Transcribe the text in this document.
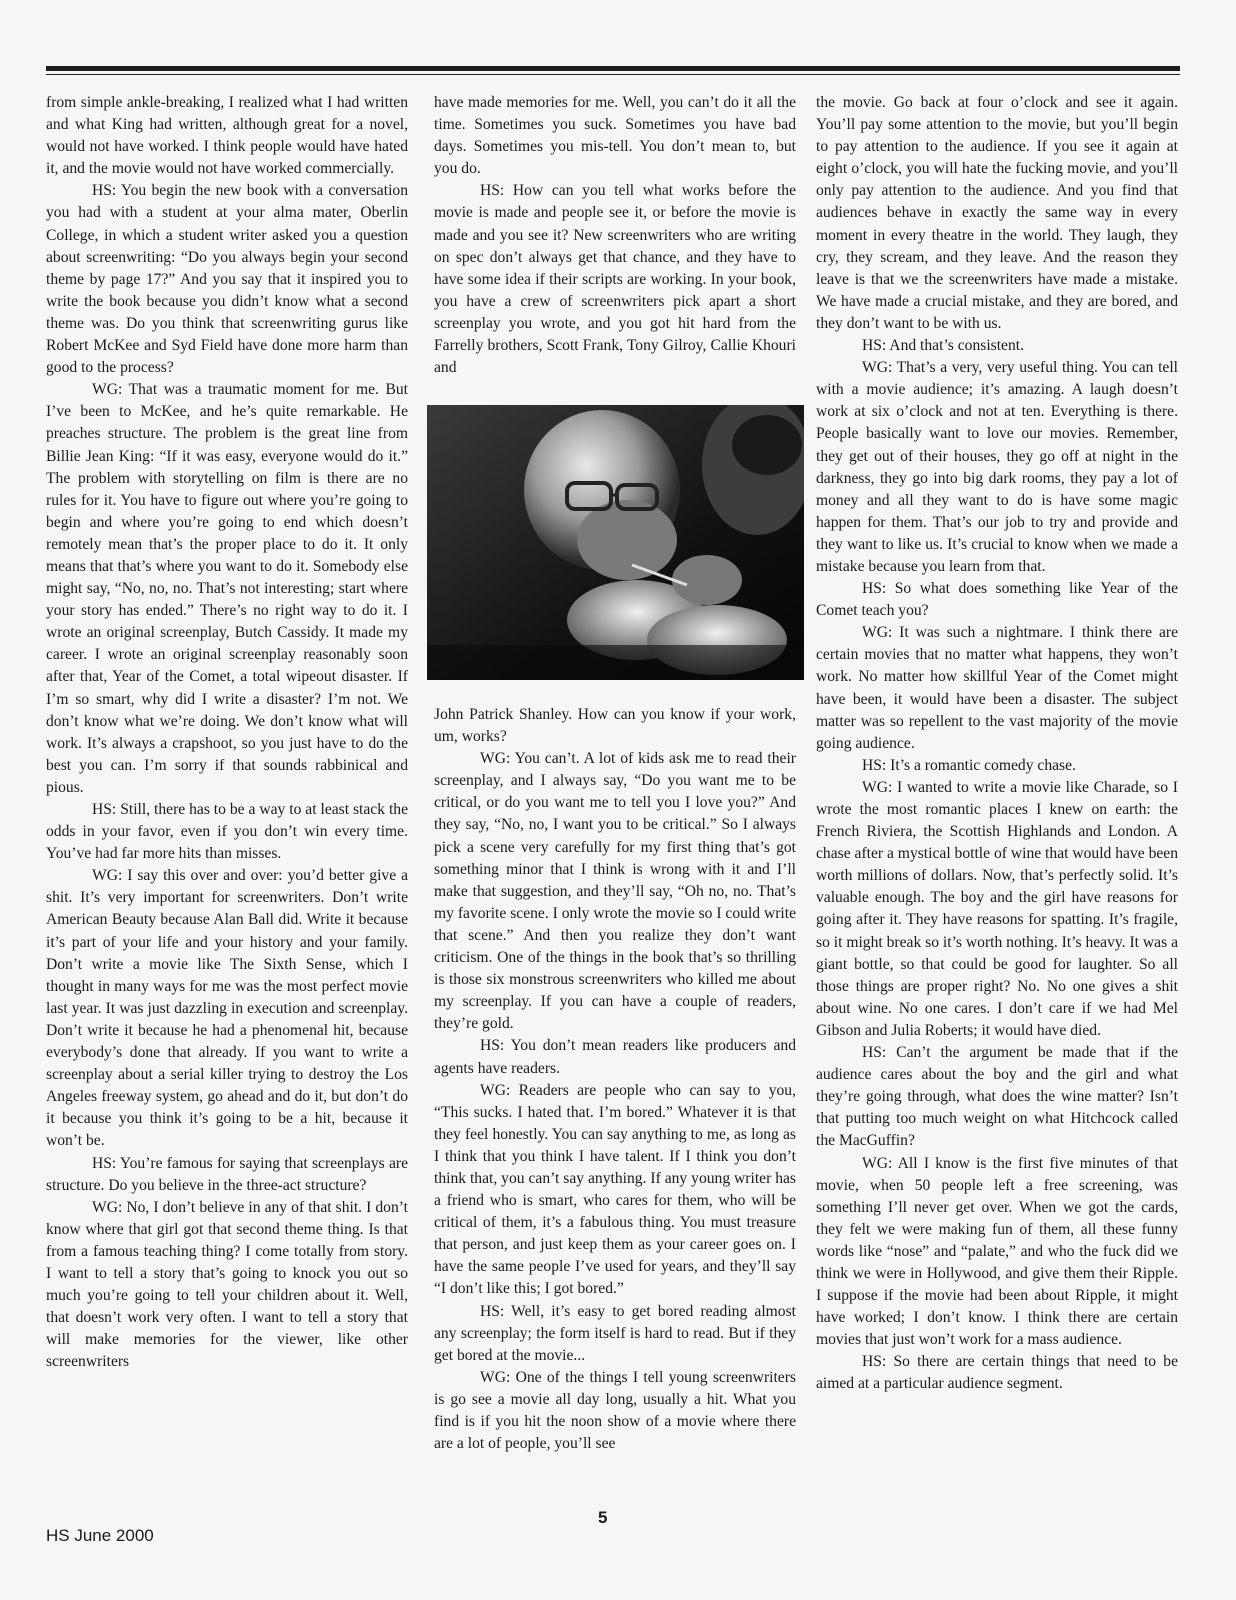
from simple ankle-breaking, I realized what I had written and what King had written, although great for a novel, would not have worked. I think people would have hated it, and the movie would not have worked commercially.

HS: You begin the new book with a conversation you had with a student at your alma mater, Oberlin College, in which a student writer asked you a question about screenwriting: “Do you always begin your second theme by page 17?” And you say that it inspired you to write the book because you didn’t know what a second theme was. Do you think that screenwriting gurus like Robert McKee and Syd Field have done more harm than good to the process?

WG: That was a traumatic moment for me. But I’ve been to McKee, and he’s quite remarkable. He preaches structure. The problem is the great line from Billie Jean King: “If it was easy, everyone would do it.” The problem with storytelling on film is there are no rules for it. You have to figure out where you’re going to begin and where you’re going to end which doesn’t remotely mean that’s the proper place to do it. It only means that that’s where you want to do it. Somebody else might say, “No, no, no. That’s not interesting; start where your story has ended.” There’s no right way to do it. I wrote an original screenplay, Butch Cassidy. It made my career. I wrote an original screenplay reasonably soon after that, Year of the Comet, a total wipeout disaster. If I’m so smart, why did I write a disaster? I’m not. We don’t know what we’re doing. We don’t know what will work. It’s always a crapshoot, so you just have to do the best you can. I’m sorry if that sounds rabbinical and pious.

HS: Still, there has to be a way to at least stack the odds in your favor, even if you don’t win every time. You’ve had far more hits than misses.

WG: I say this over and over: you’d better give a shit. It’s very important for screenwriters. Don’t write American Beauty because Alan Ball did. Write it because it’s part of your life and your history and your family. Don’t write a movie like The Sixth Sense, which I thought in many ways for me was the most perfect movie last year. It was just dazzling in execution and screenplay. Don’t write it because he had a phenomenal hit, because everybody’s done that already. If you want to write a screenplay about a serial killer trying to destroy the Los Angeles freeway system, go ahead and do it, but don’t do it because you think it’s going to be a hit, because it won’t be.

HS: You’re famous for saying that screenplays are structure. Do you believe in the three-act structure?

WG: No, I don’t believe in any of that shit. I don’t know where that girl got that second theme thing. Is that from a famous teaching thing? I come totally from story. I want to tell a story that’s going to knock you out so much you’re going to tell your children about it. Well, that doesn’t work very often. I want to tell a story that will make memories for the viewer, like other screenwriters

have made memories for me. Well, you can’t do it all the time. Sometimes you suck. Sometimes you have bad days. Sometimes you mis-tell. You don’t mean to, but you do.

HS: How can you tell what works before the movie is made and people see it, or before the movie is made and you see it? New screenwriters who are writing on spec don’t always get that chance, and they have to have some idea if their scripts are working. In your book, you have a crew of screenwriters pick apart a short screenplay you wrote, and you got hit hard from the Farrelly brothers, Scott Frank, Tony Gilroy, Callie Khouri and

John Patrick Shanley. How can you know if your work, um, works?

WG: You can’t. A lot of kids ask me to read their screenplay, and I always say, “Do you want me to be critical, or do you want me to tell you I love you?” And they say, “No, no, I want you to be critical.” So I always pick a scene very carefully for my first thing that’s got something minor that I think is wrong with it and I’ll make that suggestion, and they’ll say, “Oh no, no. That’s my favorite scene. I only wrote the movie so I could write that scene.” And then you realize they don’t want criticism. One of the things in the book that’s so thrilling is those six monstrous screenwriters who killed me about my screenplay. If you can have a couple of readers, they’re gold.

HS: You don’t mean readers like producers and agents have readers.

WG: Readers are people who can say to you, “This sucks. I hated that. I’m bored.” Whatever it is that they feel honestly. You can say anything to me, as long as I think that you think I have talent. If I think you don’t think that, you can’t say anything. If any young writer has a friend who is smart, who cares for them, who will be critical of them, it’s a fabulous thing. You must treasure that person, and just keep them as your career goes on. I have the same people I’ve used for years, and they’ll say “I don’t like this; I got bored.”

HS: Well, it’s easy to get bored reading almost any screenplay; the form itself is hard to read. But if they get bored at the movie...

WG: One of the things I tell young screenwriters is go see a movie all day long, usually a hit. What you find is if you hit the noon show of a movie where there are a lot of people, you’ll see

the movie. Go back at four o’clock and see it again. You’ll pay some attention to the movie, but you’ll begin to pay attention to the audience. If you see it again at eight o’clock, you will hate the fucking movie, and you’ll only pay attention to the audience. And you find that audiences behave in exactly the same way in every moment in every theatre in the world. They laugh, they cry, they scream, and they leave. And the reason they leave is that we the screenwriters have made a mistake. We have made a crucial mistake, and they are bored, and they don’t want to be with us.

HS: And that’s consistent.

WG: That’s a very, very useful thing. You can tell with a movie audience; it’s amazing. A laugh doesn’t work at six o’clock and not at ten. Everything is there. People basically want to love our movies. Remember, they get out of their houses, they go off at night in the darkness, they go into big dark rooms, they pay a lot of money and all they want to do is have some magic happen for them. That’s our job to try and provide and they want to like us. It’s crucial to know when we made a mistake because you learn from that.

HS: So what does something like Year of the Comet teach you?

WG: It was such a nightmare. I think there are certain movies that no matter what happens, they won’t work. No matter how skillful Year of the Comet might have been, it would have been a disaster. The subject matter was so repellent to the vast majority of the movie going audience.

HS: It’s a romantic comedy chase.

WG: I wanted to write a movie like Charade, so I wrote the most romantic places I knew on earth: the French Riviera, the Scottish Highlands and London. A chase after a mystical bottle of wine that would have been worth millions of dollars. Now, that’s perfectly solid. It’s valuable enough. The boy and the girl have reasons for going after it. They have reasons for spatting. It’s fragile, so it might break so it’s worth nothing. It’s heavy. It was a giant bottle, so that could be good for laughter. So all those things are proper right? No. No one gives a shit about wine. No one cares. I don’t care if we had Mel Gibson and Julia Roberts; it would have died.

HS: Can’t the argument be made that if the audience cares about the boy and the girl and what they’re going through, what does the wine matter? Isn’t that putting too much weight on what Hitchcock called the MacGuffin?

WG: All I know is the first five minutes of that movie, when 50 people left a free screening, was something I’ll never get over. When we got the cards, they felt we were making fun of them, all these funny words like “nose” and “palate,” and who the fuck did we think we were in Hollywood, and give them their Ripple. I suppose if the movie had been about Ripple, it might have worked; I don’t know. I think there are certain movies that just won’t work for a mass audience.

HS: So there are certain things that need to be aimed at a particular audience segment.

5
HS June 2000
